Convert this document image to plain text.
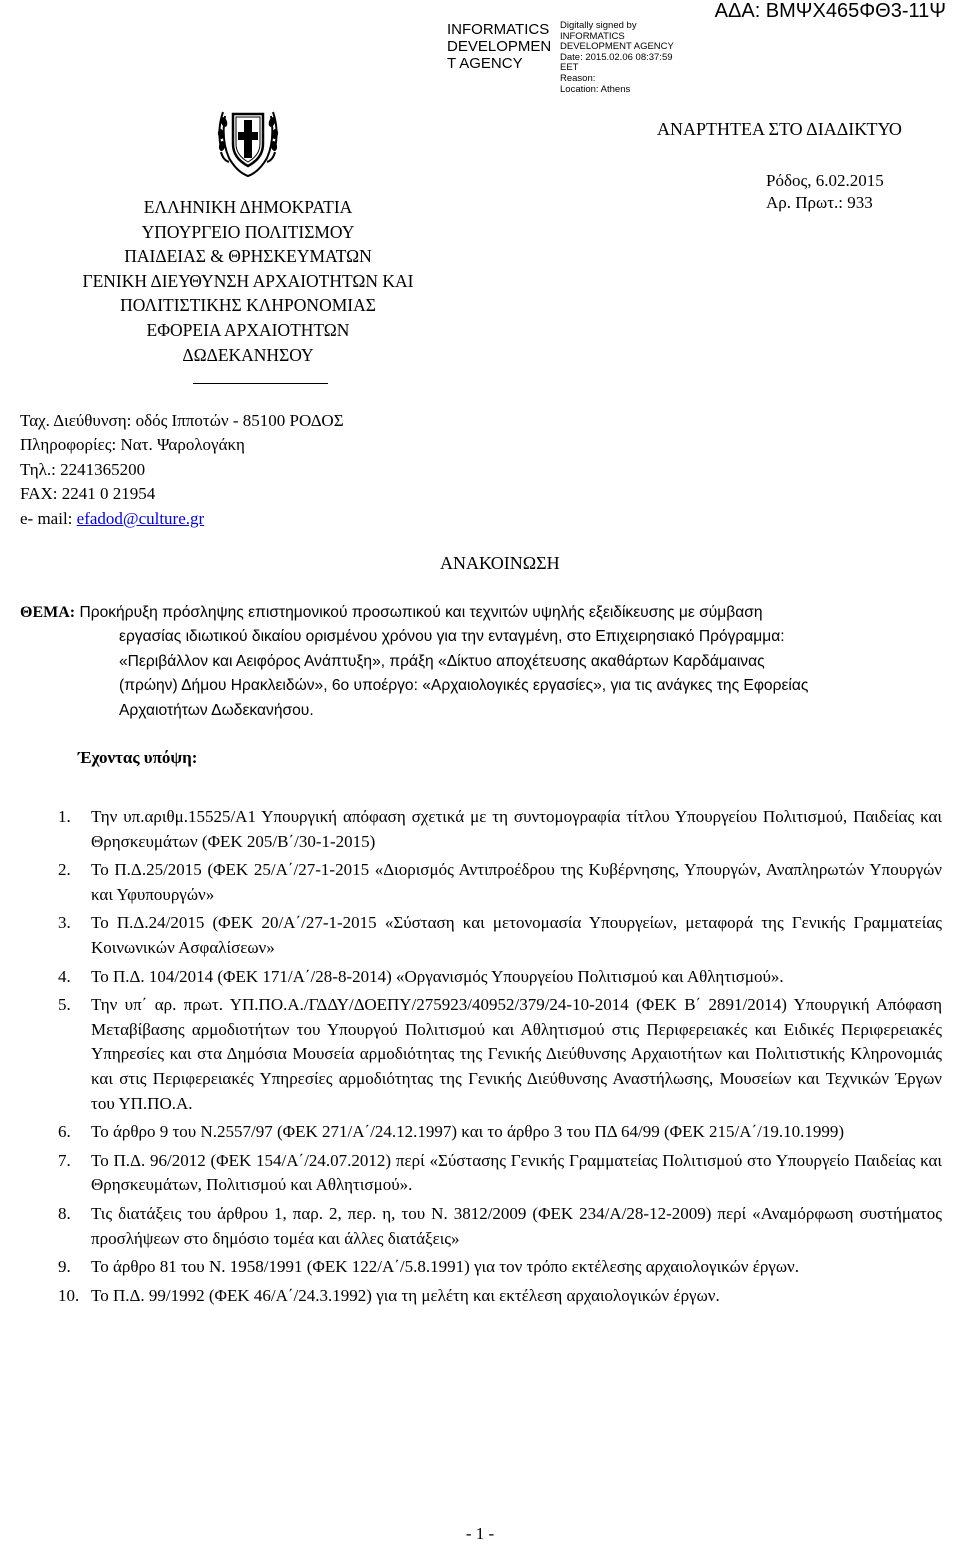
INFORMATICS
DEVELOPMEN
T AGENCY
Digitally signed by
INFORMATICS
DEVELOPMENT AGENCY
Date: 2015.02.06 08:37:59
EET
Reason:
Location: Athens
ΑΔΑ: ΒΜΨΧ465ΦΘ3-11Ψ
ΕΛΛΗΝΙΚΗ ΔΗΜΟΚΡΑΤΙΑ
ΥΠΟΥΡΓΕΙΟ ΠΟΛΙΤΙΣΜΟΥ
ΠΑΙΔΕΙΑΣ & ΘΡΗΣΚΕΥΜΑΤΩΝ
ΓΕΝΙΚΗ ΔΙΕΥΘΥΝΣΗ ΑΡΧΑΙΟΤΗΤΩΝ ΚΑΙ
ΠΟΛΙΤΙΣΤΙΚΗΣ ΚΛΗΡΟΝΟΜΙΑΣ
ΕΦΟΡΕΙΑ ΑΡΧΑΙΟΤΗΤΩΝ
ΔΩΔΕΚΑΝΗΣΟΥ
Ταχ. Διεύθυνση: οδός Ιπποτών - 85100 ΡΟΔΟΣ
Πληροφορίες: Νατ. Ψαρολογάκη
Τηλ.: 2241365200
FAX: 2241 0 21954
e- mail: efadod@culture.gr
ΑΝΑΡΤΗΤΕΑ ΣΤΟ ΔΙΑΔΙΚΤΥΟ
Ρόδος, 6.02.2015
Αρ. Πρωτ.: 933
ΑΝΑΚΟΙΝΩΣΗ
ΘΕΜΑ: Προκήρυξη πρόσληψης επιστημονικού προσωπικού και τεχνιτών υψηλής εξειδίκευσης με σύμβαση
εργασίας ιδιωτικού δικαίου ορισμένου χρόνου για την ενταγμένη, στο Επιχειρησιακό Πρόγραμμα:
«Περιβάλλον και Αειφόρος Ανάπτυξη», πράξη «Δίκτυο αποχέτευσης ακαθάρτων Καρδάμαινας
(πρώην) Δήμου Ηρακλειδών», 6ο υποέργο: «Αρχαιολογικές εργασίες», για τις ανάγκες της Εφορείας
Αρχαιοτήτων Δωδεκανήσου.
Έχοντας υπόψη:
1. Την υπ.αριθμ.15525/Α1 Υπουργική απόφαση σχετικά με τη συντομογραφία τίτλου Υπουργείου Πολιτισμού, Παιδείας και Θρησκευμάτων (ΦΕΚ 205/Β΄/30-1-2015)
2. Το Π.Δ.25/2015 (ΦΕΚ 25/Α΄/27-1-2015 «Διορισμός Αντιπροέδρου της Κυβέρνησης, Υπουργών, Αναπληρωτών Υπουργών και Υφυπουργών»
3. Το Π.Δ.24/2015 (ΦΕΚ 20/Α΄/27-1-2015 «Σύσταση και μετονομασία Υπουργείων, μεταφορά της Γενικής Γραμματείας Κοινωνικών Ασφαλίσεων»
4. Το Π.Δ. 104/2014 (ΦΕΚ 171/Α΄/28-8-2014) «Οργανισμός Υπουργείου Πολιτισμού και Αθλητισμού».
5. Την υπ΄ αρ. πρωτ. ΥΠ.ΠΟ.Α./ΓΔΔΥ/ΔΟΕΠΥ/275923/40952/379/24-10-2014 (ΦΕΚ Β΄ 2891/2014) Υπουργική Απόφαση Μεταβίβασης αρμοδιοτήτων του Υπουργού Πολιτισμού και Αθλητισμού στις Περιφερειακές και Ειδικές Περιφερειακές Υπηρεσίες και στα Δημόσια Μουσεία αρμοδιότητας της Γενικής Διεύθυνσης Αρχαιοτήτων και Πολιτιστικής Κληρονομιάς και στις Περιφερειακές Υπηρεσίες αρμοδιότητας της Γενικής Διεύθυνσης Αναστήλωσης, Μουσείων και Τεχνικών Έργων του ΥΠ.ΠΟ.Α.
6. Το άρθρο 9 του Ν.2557/97 (ΦΕΚ 271/Α΄/24.12.1997) και το άρθρο 3 του ΠΔ 64/99 (ΦΕΚ 215/Α΄/19.10.1999)
7. Το Π.Δ. 96/2012 (ΦΕΚ 154/Α΄/24.07.2012) περί «Σύστασης Γενικής Γραμματείας Πολιτισμού στο Υπουργείο Παιδείας και Θρησκευμάτων, Πολιτισμού και Αθλητισμού».
8. Τις διατάξεις του άρθρου 1, παρ. 2, περ. η, του Ν. 3812/2009 (ΦΕΚ 234/Α/28-12-2009) περί «Αναμόρφωση συστήματος προσλήψεων στο δημόσιο τομέα και άλλες διατάξεις»
9. Το άρθρο 81 του Ν. 1958/1991 (ΦΕΚ 122/Α΄/5.8.1991) για τον τρόπο εκτέλεσης αρχαιολογικών έργων.
10. Το Π.Δ. 99/1992 (ΦΕΚ 46/Α΄/24.3.1992) για τη μελέτη και εκτέλεση αρχαιολογικών έργων.
- 1 -
